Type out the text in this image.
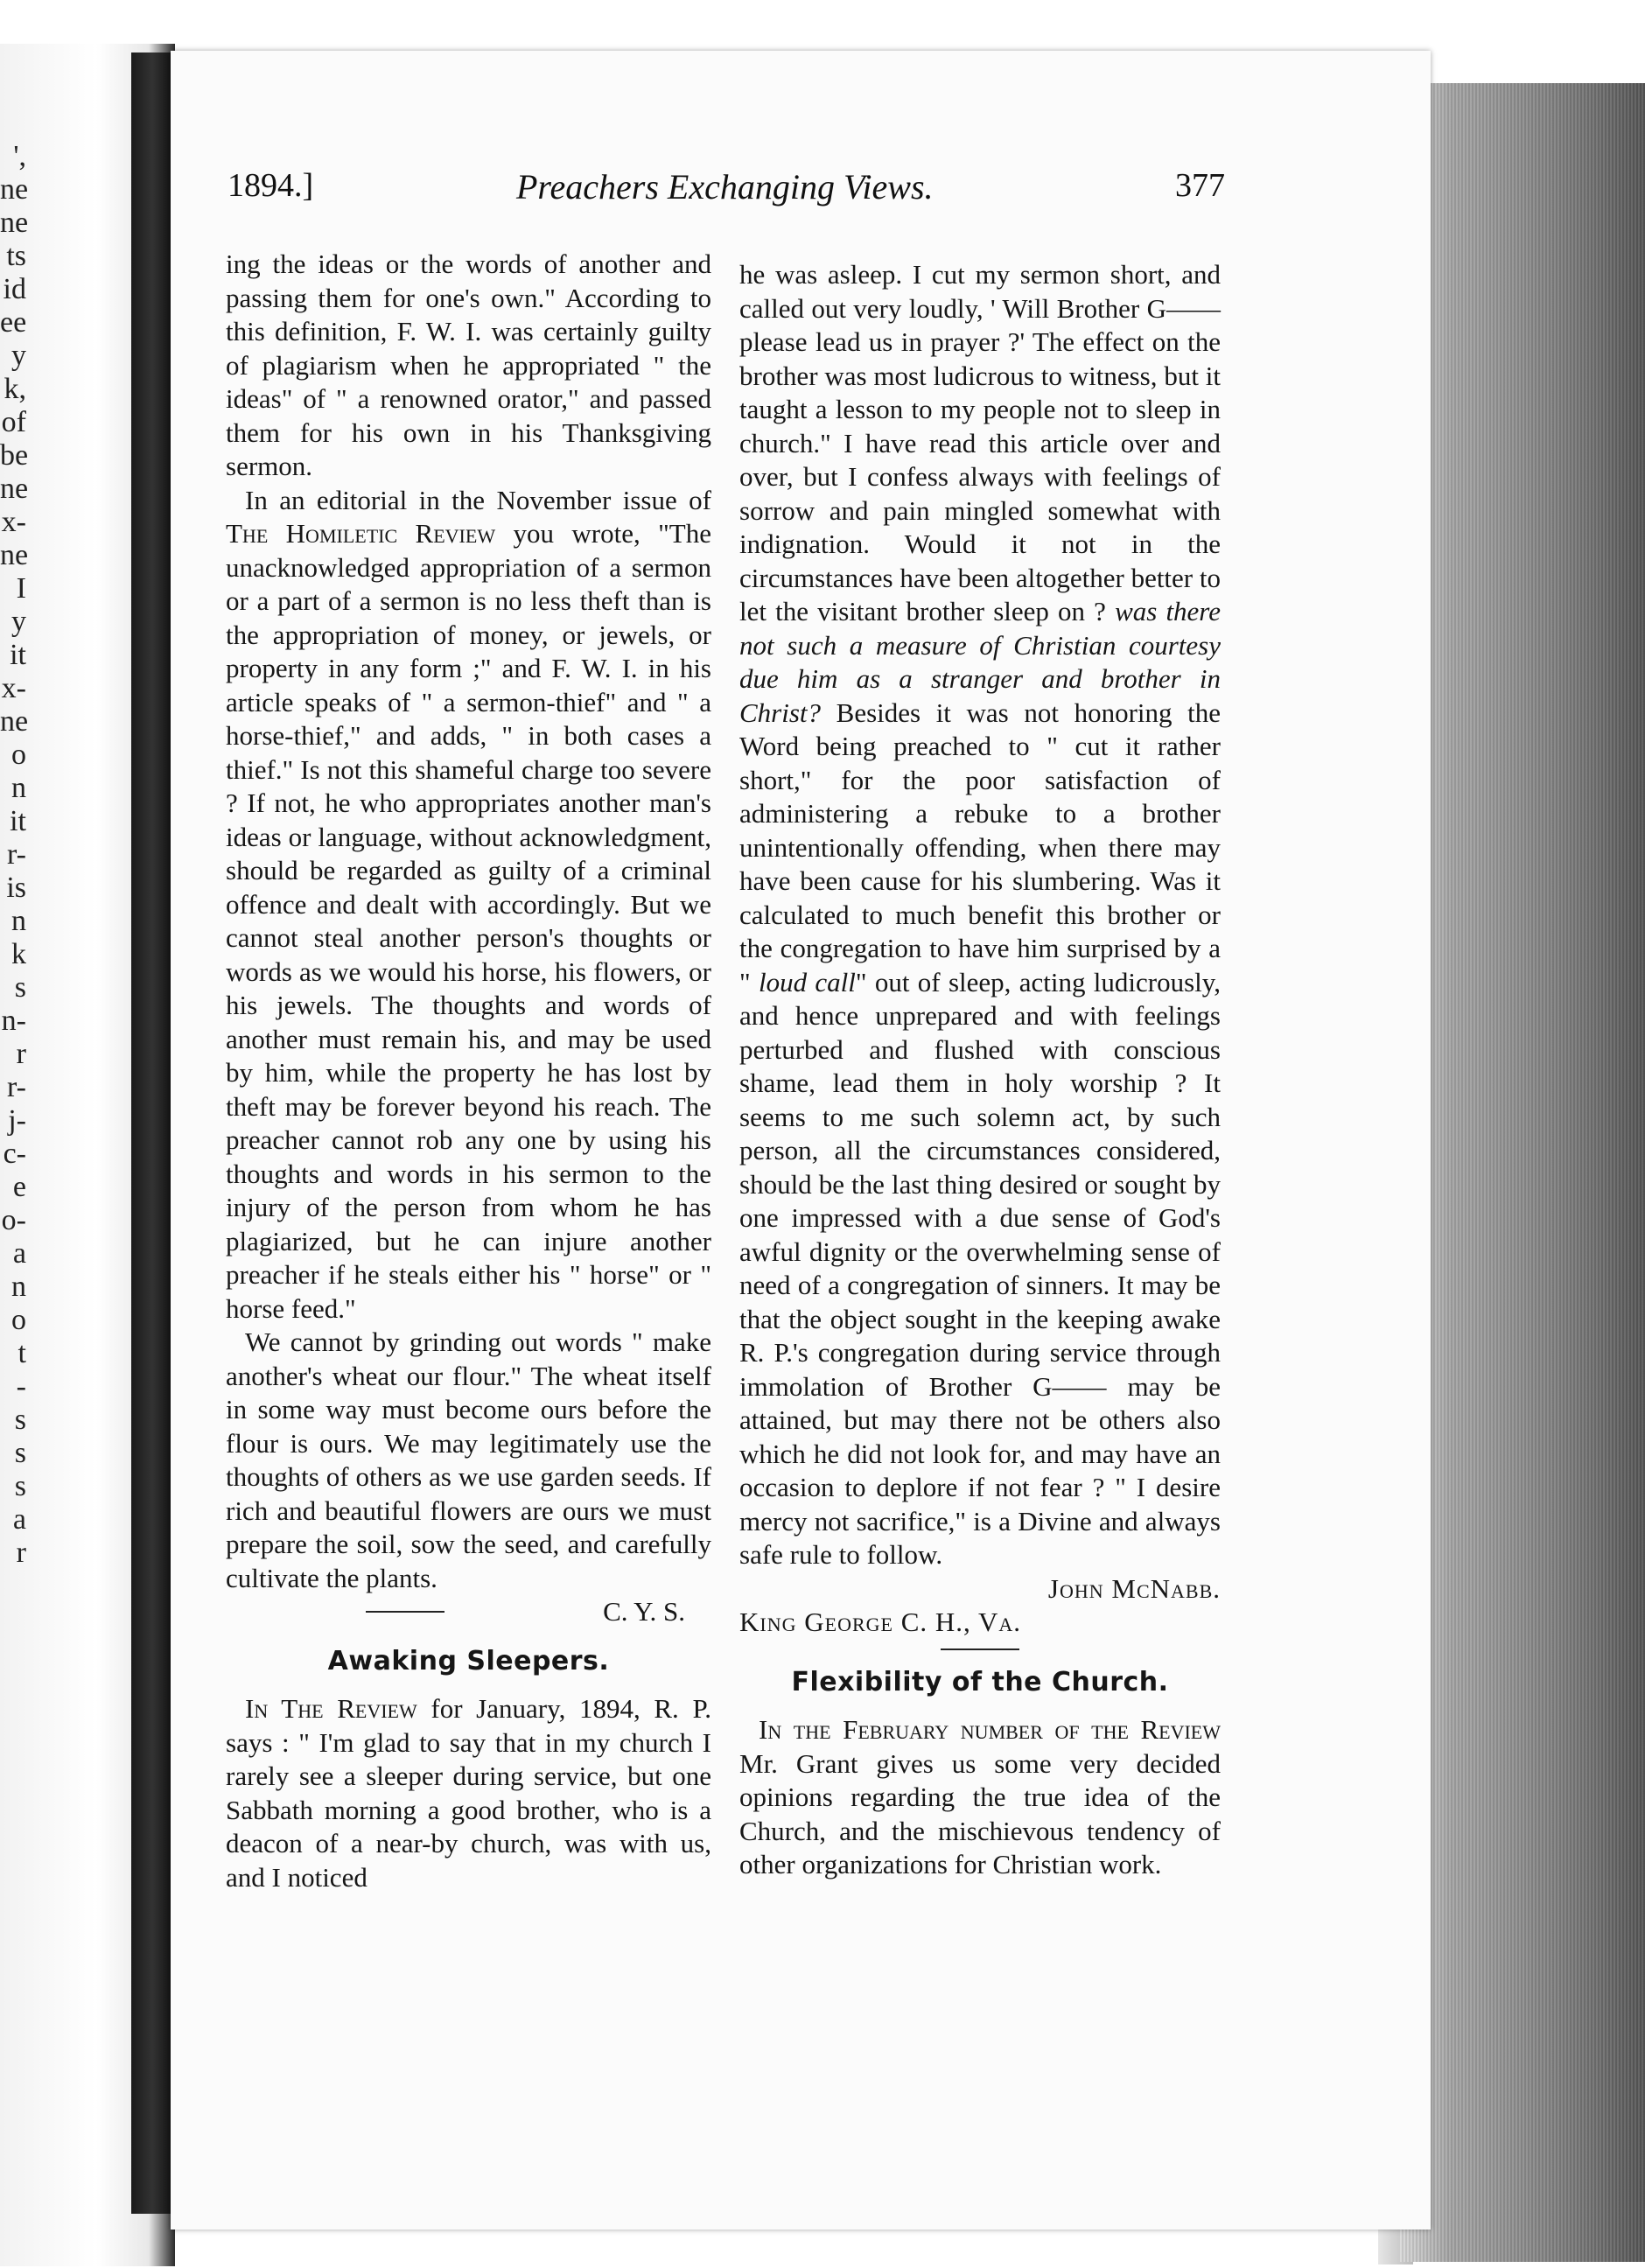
',
ne
ne
ts
id
ee
y
k,
of
be
ne
x-
ne
I
y
it
x-
ne
o
n
it
r-
is
n
k
s
n-
r
r-
j-
c-
e
o-
a
n
o
t
-
s
s
s
a
r
1894.]	Preachers Exchanging Views.	377

ing the ideas or the words of another and passing them for one's own." According to this definition, F. W. I. was certainly guilty of plagiarism when he appropriated " the ideas" of " a renowned orator," and passed them for his own in his Thanksgiving sermon.

In an editorial in the November issue of The Homiletic Review you wrote, "The unacknowledged appropriation of a sermon or a part of a sermon is no less theft than is the appropriation of money, or jewels, or property in any form ;" and F. W. I. in his article speaks of " a sermon-thief" and " a horse-thief," and adds, " in both cases a thief." Is not this shameful charge too severe ? If not, he who appropriates another man's ideas or language, without acknowledgment, should be regarded as guilty of a criminal offence and dealt with accordingly. But we cannot steal another person's thoughts or words as we would his horse, his flowers, or his jewels. The thoughts and words of another must remain his, and may be used by him, while the property he has lost by theft may be forever beyond his reach. The preacher cannot rob any one by using his thoughts and words in his sermon to the injury of the person from whom he has plagiarized, but he can injure another preacher if he steals either his " horse" or " horse feed."

We cannot by grinding out words " make another's wheat our flour." The wheat itself in some way must become ours before the flour is ours. We may legitimately use the thoughts of others as we use garden seeds. If rich and beautiful flowers are ours we must prepare the soil, sow the seed, and carefully cultivate the plants.

C. Y. S.
Awaking Sleepers.

In The Review for January, 1894, R. P. says : " I'm glad to say that in my church I rarely see a sleeper during service, but one Sabbath morning a good brother, who is a deacon of a near-by church, was with us, and I noticed

he was asleep. I cut my sermon short, and called out very loudly, ' Will Brother G—— please lead us in prayer ?' The effect on the brother was most ludicrous to witness, but it taught a lesson to my people not to sleep in church." I have read this article over and over, but I confess always with feelings of sorrow and pain mingled somewhat with indignation. Would it not in the circumstances have been altogether better to let the visitant brother sleep on ? was there not such a measure of Christian courtesy due him as a stranger and brother in Christ? Besides it was not honoring the Word being preached to " cut it rather short," for the poor satisfaction of administering a rebuke to a brother unintentionally offending, when there may have been cause for his slumbering. Was it calculated to much benefit this brother or the congregation to have him surprised by a " loud call" out of sleep, acting ludicrously, and hence unprepared and with feelings perturbed and flushed with conscious shame, lead them in holy worship ? It seems to me such solemn act, by such person, all the circumstances considered, should be the last thing desired or sought by one impressed with a due sense of God's awful dignity or the overwhelming sense of need of a congregation of sinners. It may be that the object sought in the keeping awake R. P.'s congregation during service through immolation of Brother G—— may be attained, but may there not be others also which he did not look for, and may have an occasion to deplore if not fear ? " I desire mercy not sacrifice," is a Divine and always safe rule to follow.

John McNabb.
King George C. H., Va.
Flexibility of the Church.

In the February number of the Review Mr. Grant gives us some very decided opinions regarding the true idea of the Church, and the mischievous tendency of other organizations for Christian work.
